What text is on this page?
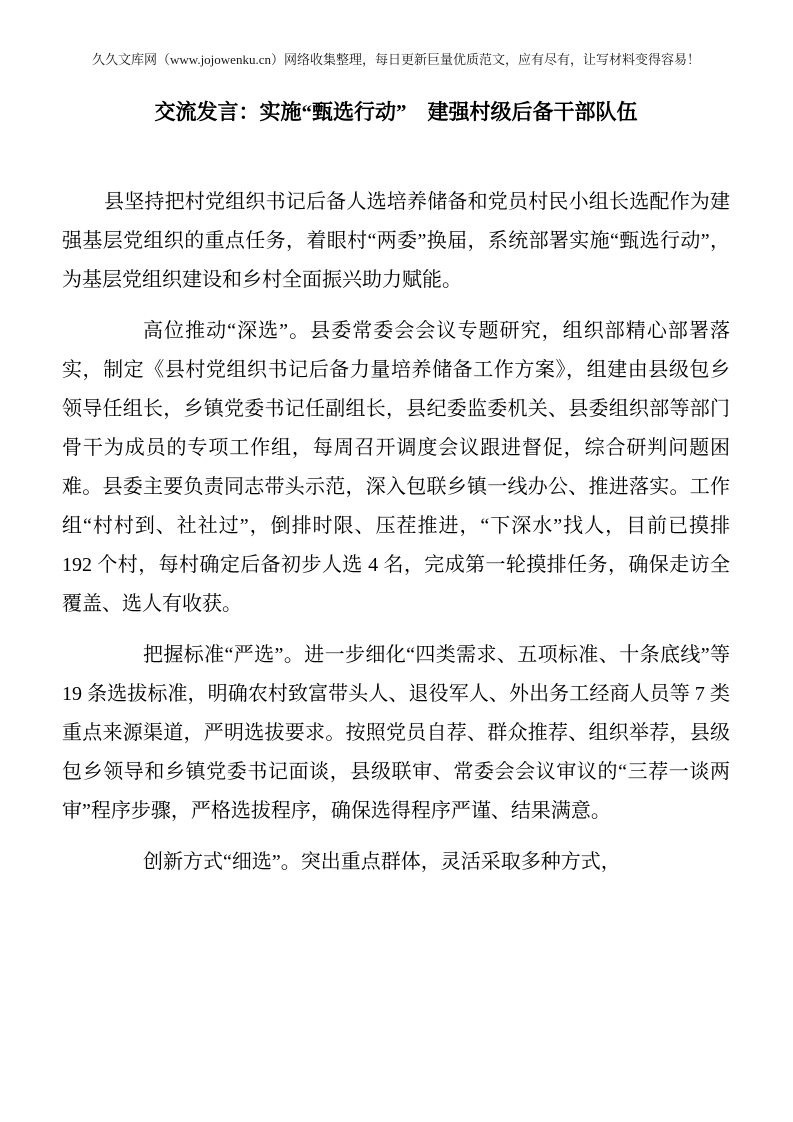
久久文库网（www.jojowenku.cn）网络收集整理，每日更新巨量优质范文，应有尽有，让写材料变得容易！
交流发言：实施“甄选行动”　建强村级后备干部队伍

县坚持把村党组织书记后备人选培养储备和党员村民小组长选配作为建强基层党组织的重点任务，着眼村“两委”换届，系统部署实施“甄选行动”，为基层党组织建设和乡村全面振兴助力赋能。

高位推动“深选”。县委常委会会议专题研究，组织部精心部署落实，制定《县村党组织书记后备力量培养储备工作方案》，组建由县级包乡领导任组长，乡镇党委书记任副组长，县纪委监委机关、县委组织部等部门骨干为成员的专项工作组，每周召开调度会议跟进督促，综合研判问题困难。县委主要负责同志带头示范，深入包联乡镇一线办公、推进落实。工作组“村村到、社社过”，倒排时限、压茬推进，“下深水”找人，目前已摸排 192 个村，每村确定后备初步人选 4 名，完成第一轮摸排任务，确保走访全覆盖、选人有收获。

把握标准“严选”。进一步细化“四类需求、五项标准、十条底线”等 19 条选拔标准，明确农村致富带头人、退役军人、外出务工经商人员等 7 类重点来源渠道，严明选拔要求。按照党员自荐、群众推荐、组织举荐，县级包乡领导和乡镇党委书记面谈，县级联审、常委会会议审议的“三荐一谈两审”程序步骤，严格选拔程序，确保选得程序严谨、结果满意。

创新方式“细选”。突出重点群体，灵活采取多种方式，
